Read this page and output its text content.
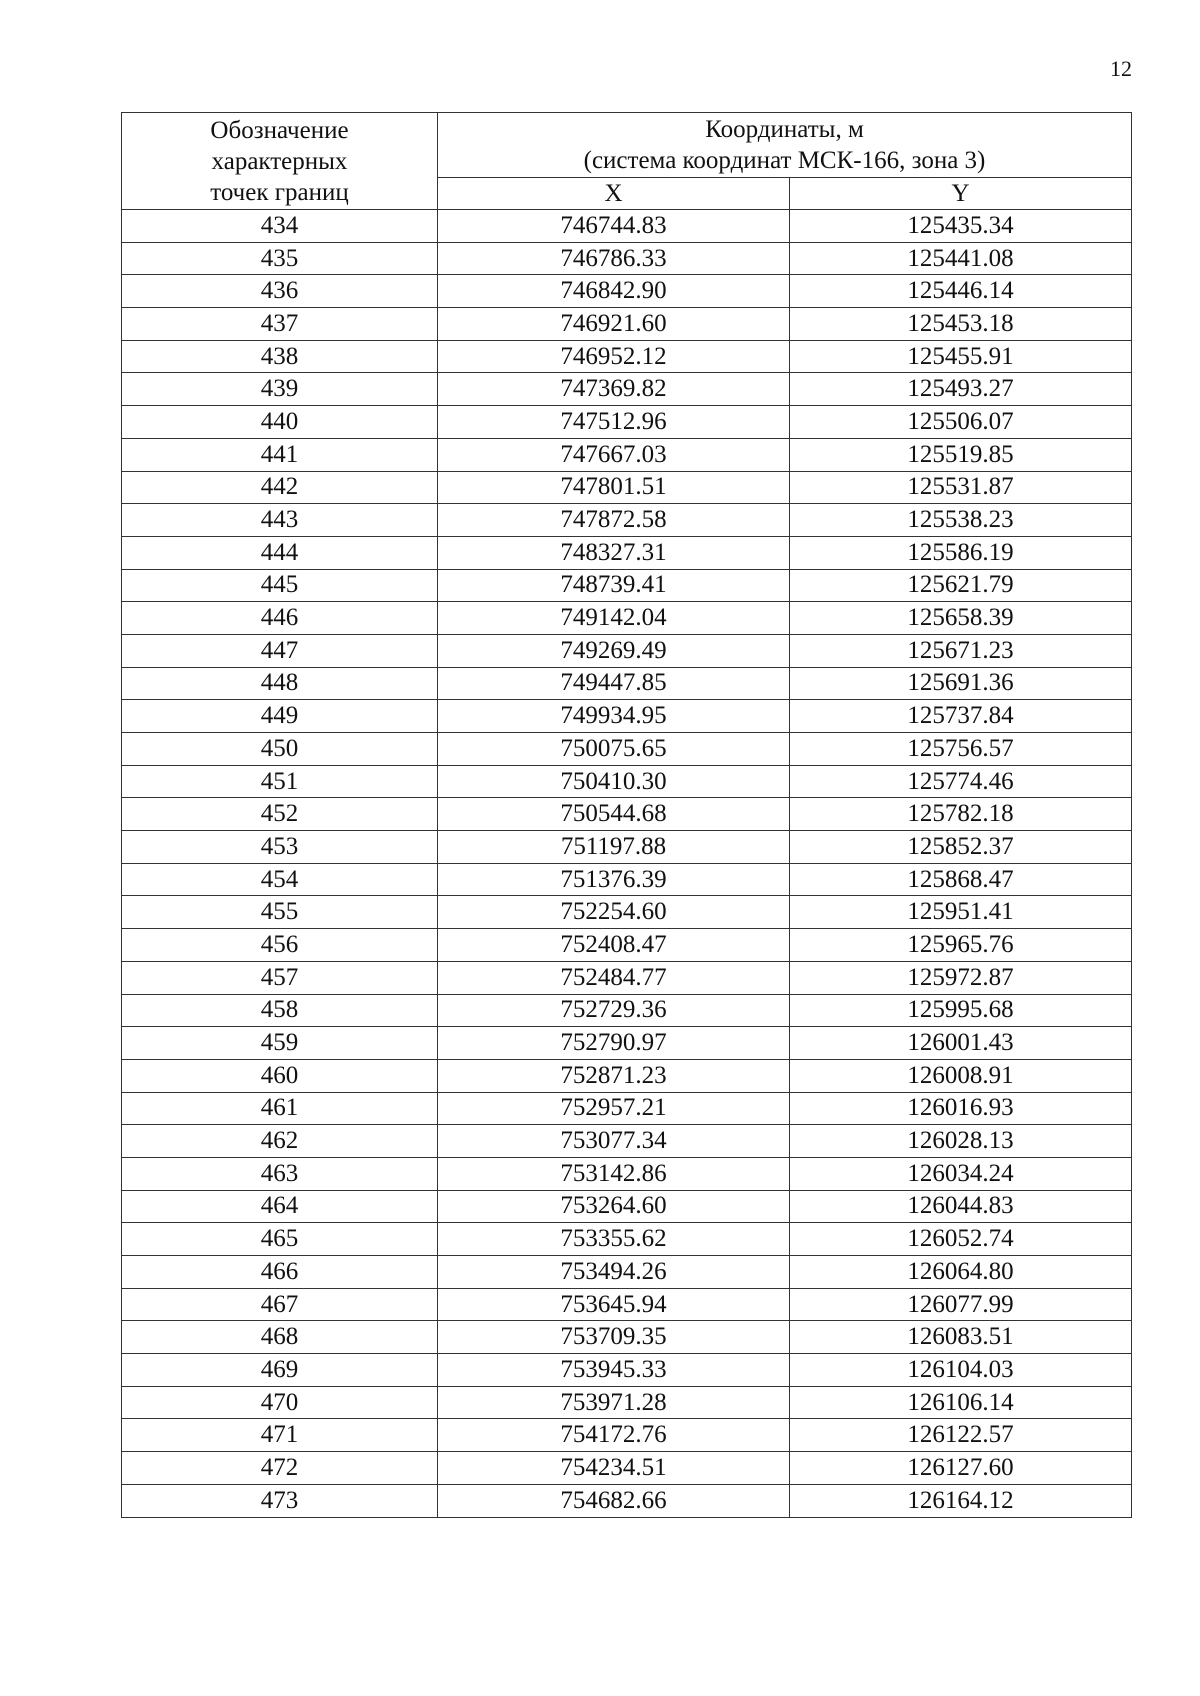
12
Обозначение
характерных
точек границ	Координаты, м
(система координат МСК-166, зона 3)	

	X	Y
434	746744.83	125435.34
435	746786.33	125441.08
436	746842.90	125446.14
437	746921.60	125453.18
438	746952.12	125455.91
439	747369.82	125493.27
440	747512.96	125506.07
441	747667.03	125519.85
442	747801.51	125531.87
443	747872.58	125538.23
444	748327.31	125586.19
445	748739.41	125621.79
446	749142.04	125658.39
447	749269.49	125671.23
448	749447.85	125691.36
449	749934.95	125737.84
450	750075.65	125756.57
451	750410.30	125774.46
452	750544.68	125782.18
453	751197.88	125852.37
454	751376.39	125868.47
455	752254.60	125951.41
456	752408.47	125965.76
457	752484.77	125972.87
458	752729.36	125995.68
459	752790.97	126001.43
460	752871.23	126008.91
461	752957.21	126016.93
462	753077.34	126028.13
463	753142.86	126034.24
464	753264.60	126044.83
465	753355.62	126052.74
466	753494.26	126064.80
467	753645.94	126077.99
468	753709.35	126083.51
469	753945.33	126104.03
470	753971.28	126106.14
471	754172.76	126122.57
472	754234.51	126127.60
473	754682.66	126164.12
